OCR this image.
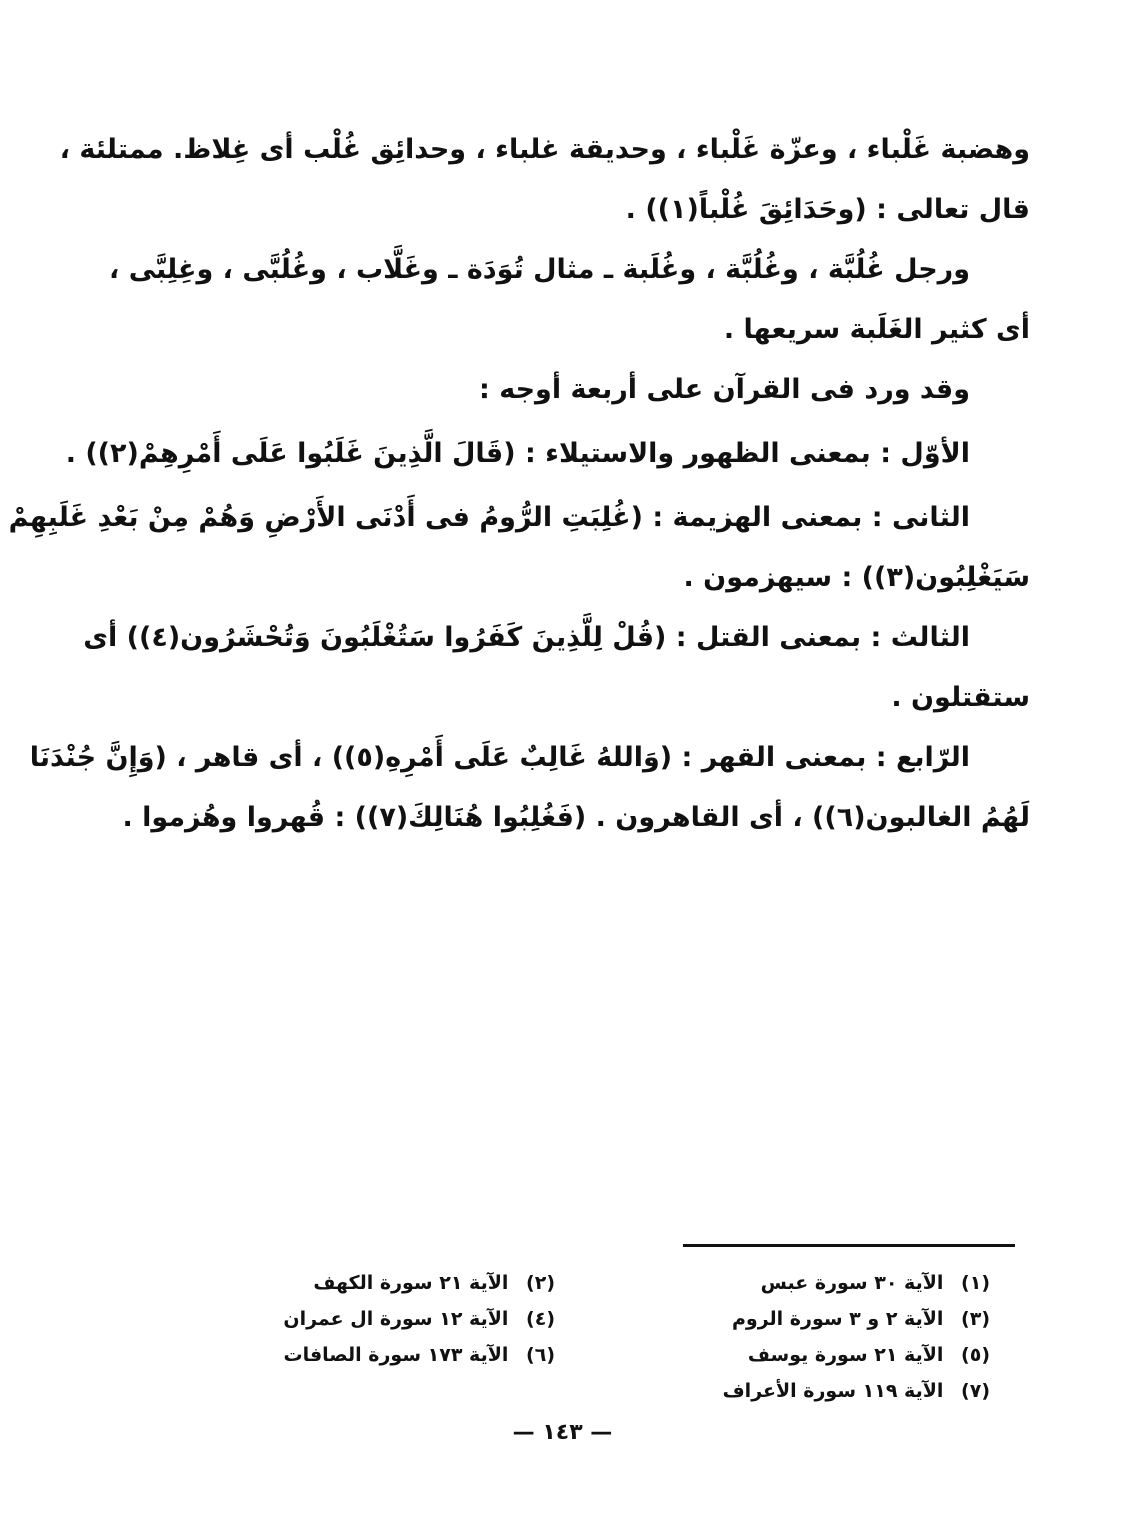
وهضبة غَلْباء ، وعزّة غَلْباء ، وحديقة غلباء ، وحدائِق غُلْب أى غِلاظ. ممتلئة ،
قال تعالى : (وحَدَائِقَ غُلْباً(١)) .
ورجل غُلُبَّة ، وغُلُبَّة ، وغُلَبة ـ مثال تُوَدَة ـ وغَلَّاب ، وغُلُبَّى ، وغِلِبَّى ،
أى كثير الغَلَبة سريعها .
وقد ورد فى القرآن على أربعة أوجه :
الأوّل : بمعنى الظهور والاستيلاء : (قَالَ الَّذِينَ غَلَبُوا عَلَى أَمْرِهِمْ(٢)) .
الثانى : بمعنى الهزيمة : (غُلِبَتِ الرُّومُ فى أَدْنَى الأَرْضِ وَهُمْ مِنْ بَعْدِ غَلَبِهِمْ
سَيَغْلِبُون(٣)) : سيهزمون .
الثالث : بمعنى القتل : (قُلْ لِلَّذِينَ كَفَرُوا سَتُغْلَبُونَ وَتُحْشَرُون(٤)) أى
ستقتلون .
الرّابع : بمعنى القهر : (وَاللهُ غَالِبٌ عَلَى أَمْرِهِ(٥)) ، أى قاهر ، (وَإِنَّ جُنْدَنَا
لَهُمُ الغالبون(٦)) ، أى القاهرون . (فَغُلِبُوا هُنَالِكَ(٧)) : قُهروا وهُزموا .
(١) الآية ٣٠ سورة عبس
(٣) الآية ٢ و ٣ سورة الروم
(٥) الآية ٢١ سورة يوسف
(٧) الآية ١١٩ سورة الأعراف
(٢) الآية ٢١ سورة الكهف
(٤) الآية ١٢ سورة ال عمران
(٦) الآية ١٧٣ سورة الصافات
— ١٤٣ —
